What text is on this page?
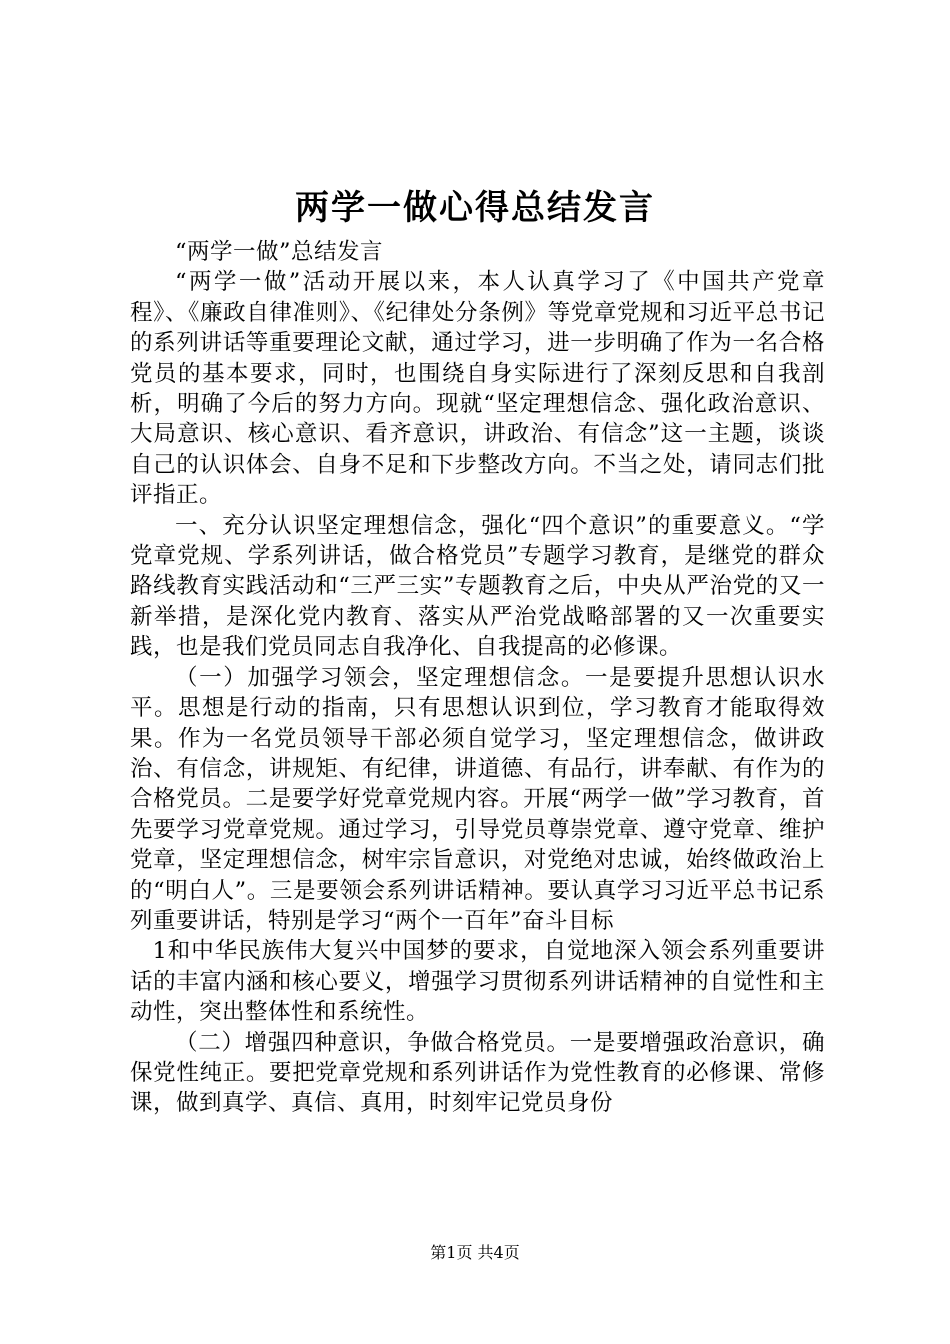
两学一做心得总结发言

“两学一做”总结发言

“两学一做”活动开展以来，本人认真学习了《中国共产党章程》、《廉政自律准则》、《纪律处分条例》等党章党规和习近平总书记的系列讲话等重要理论文献，通过学习，进一步明确了作为一名合格党员的基本要求，同时，也围绕自身实际进行了深刻反思和自我剖析，明确了今后的努力方向。现就“坚定理想信念、强化政治意识、大局意识、核心意识、看齐意识，讲政治、有信念”这一主题，谈谈自己的认识体会、自身不足和下步整改方向。不当之处，请同志们批评指正。

一、充分认识坚定理想信念，强化“四个意识”的重要意义。“学党章党规、学系列讲话，做合格党员”专题学习教育，是继党的群众路线教育实践活动和“三严三实”专题教育之后，中央从严治党的又一新举措，是深化党内教育、落实从严治党战略部署的又一次重要实践，也是我们党员同志自我净化、自我提高的必修课。

（一）加强学习领会，坚定理想信念。一是要提升思想认识水平。思想是行动的指南，只有思想认识到位，学习教育才能取得效果。作为一名党员领导干部必须自觉学习，坚定理想信念，做讲政治、有信念，讲规矩、有纪律，讲道德、有品行，讲奉献、有作为的合格党员。二是要学好党章党规内容。开展“两学一做”学习教育，首先要学习党章党规。通过学习，引导党员尊崇党章、遵守党章、维护党章，坚定理想信念，树牢宗旨意识，对党绝对忠诚，始终做政治上的“明白人”。三是要领会系列讲话精神。要认真学习习近平总书记系列重要讲话，特别是学习“两个一百年”奋斗目标

1和中华民族伟大复兴中国梦的要求，自觉地深入领会系列重要讲话的丰富内涵和核心要义，增强学习贯彻系列讲话精神的自觉性和主动性，突出整体性和系统性。

（二）增强四种意识，争做合格党员。一是要增强政治意识，确保党性纯正。要把党章党规和系列讲话作为党性教育的必修课、常修课，做到真学、真信、真用，时刻牢记党员身份

第1页 共4页
